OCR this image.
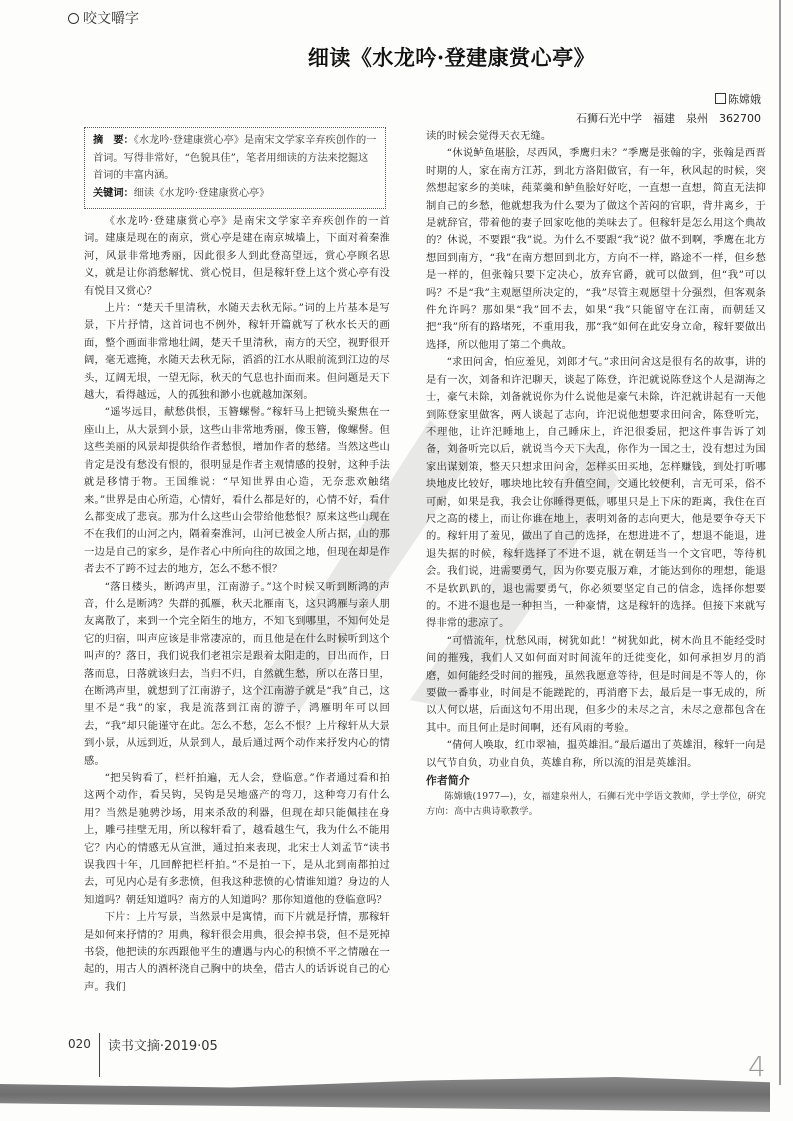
咬文嚼字
细读《水龙吟·登建康赏心亭》
陈嫦娥
石狮石光中学　福建　泉州　362700
摘　要：《水龙吟·登建康赏心亭》是南宋文学家辛弃疾创作的一首词。写得非常好，“色貌具佳”，笔者用细读的方法来挖掘这首词的丰富内涵。
关键词：细读《水龙吟·登建康赏心亭》

《水龙吟·登建康赏心亭》是南宋文学家辛弃疾创作的一首词。建康是现在的南京，赏心亭是建在南京城墙上，下面对着秦淮河，风景非常地秀丽，因此很多人到此登高望远，赏心亭顾名思义，就是让你消愁解忧、赏心悦目，但是稼轩登上这个赏心亭有没有悦目又赏心？

上片：“楚天千里清秋，水随天去秋无际。”词的上片基本是写景，下片抒情，这首词也不例外，稼轩开篇就写了秋水长天的画面，整个画面非常地壮阔，楚天千里清秋，南方的天空，视野很开阔，毫无遮掩，水随天去秋无际，滔滔的江水从眼前流到江边的尽头，辽阔无垠，一望无际，秋天的气息也扑面而来。但问题是天下越大，看得越远，人的孤独和渺小也就越加深刻。

“遥岑远目，献愁供恨，玉簪螺髻。”稼轩马上把镜头聚焦在一座山上，从大景到小景，这些山非常地秀丽，像玉簪，像螺髻。但这些美丽的风景却提供给作者愁恨，增加作者的愁绪。当然这些山肯定是没有愁没有恨的，很明显是作者主观情感的投射，这种手法就是移情于物。王国维说：“早知世界由心造，无奈悲欢触绪来。”世界是由心所造，心情好，看什么都是好的，心情不好，看什么都变成了悲哀。那为什么这些山会带给他愁恨？原来这些山现在不在我们的山河之内，隔着秦淮河，山河已被金人所占据，山的那一边是自己的家乡，是作者心中所向往的故国之地，但现在却是作者去不了跨不过去的地方，怎么不愁不恨？

“落日楼头，断鸿声里，江南游子。”这个时候又听到断鸿的声音，什么是断鸿？失群的孤雁，秋天北雁南飞，这只鸿雁与亲人朋友离散了，来到一个完全陌生的地方，不知飞到哪里，不知何处是它的归宿，叫声应该是非常凄凉的，而且他是在什么时候听到这个叫声的？落日，我们说我们老祖宗是跟着太阳走的，日出而作，日落而息，日落就该归去，当归不归，自然就生愁，所以在落日里，在断鸿声里，就想到了江南游子，这个江南游子就是“我”自己，这里不是“我”的家，我是流落到江南的游子，鸿雁明年可以回去，“我”却只能谨守在此。怎么不愁，怎么不恨？上片稼轩从大景到小景，从远到近，从景到人，最后通过两个动作来抒发内心的情感。

“把吴钩看了，栏杆拍遍，无人会，登临意。”作者通过看和拍这两个动作，看吴钩，吴钩是吴地盛产的弯刀，这种弯刀有什么用？当然是驰骋沙场，用来杀敌的利器，但现在却只能佩挂在身上，雕弓挂壁无用，所以稼轩看了，越看越生气，我为什么不能用它？内心的情感无从宣泄，通过拍来表现，北宋士人刘孟节“读书误我四十年，几回醉把栏杆拍。”不是拍一下，是从北到南都拍过去，可见内心是有多悲愤，但我这种悲愤的心情谁知道？身边的人知道吗？朝廷知道吗？南方的人知道吗？那你知道他的登临意吗？

下片：上片写景，当然景中是寓情，而下片就是抒情，那稼轩是如何来抒情的？用典，稼轩很会用典，很会掉书袋，但不是死掉书袋，他把读的东西跟他平生的遭遇与内心的积愤不平之情融在一起的，用古人的酒杯浇自己胸中的块垒，借古人的话诉说自己的心声。我们

读的时候会觉得天衣无缝。

“休说鲈鱼堪脍，尽西风，季鹰归未？”季鹰是张翰的字，张翰是西晋时期的人，家在南方江苏，到北方洛阳做官，有一年，秋风起的时候，突然想起家乡的美味，莼菜羹和鲈鱼脍好好吃，一直想一直想，简直无法抑制自己的乡愁，他就想我为什么要为了做这个苦闷的官职，背井离乡，于是就辞官，带着他的妻子回家吃他的美味去了。但稼轩是怎么用这个典故的？休说，不要跟“我”说。为什么不要跟“我”说？做不到啊，季鹰在北方想回到南方，“我”在南方想回到北方，方向不一样，路途不一样，但乡愁是一样的，但张翰只要下定决心，放弃官爵，就可以做到，但“我”可以吗？不是“我”主观愿望所决定的，“我”尽管主观愿望十分强烈，但客观条件允许吗？那如果“我”回不去，如果“我”只能留守在江南，而朝廷又把“我”所有的路堵死，不重用我，那“我”如何在此安身立命，稼轩要做出选择，所以他用了第二个典故。

“求田问舍，怕应羞见，刘郎才气。”求田问舍这是很有名的故事，讲的是有一次，刘备和许汜聊天，谈起了陈登，许汜就说陈登这个人是湖海之士，豪气未除，刘备就说你为什么说他是豪气未除，许汜就讲起有一天他到陈登家里做客，两人谈起了志向，许汜说他想要求田问舍，陈登听完，不理他，让许汜睡地上，自己睡床上，许汜很委屈，把这件事告诉了刘备，刘备听完以后，就说当今天下大乱，你作为一国之士，没有想过为国家出谋划策，整天只想求田问舍，怎样买田买地，怎样赚钱，到处打听哪块地皮比较好，哪块地比较有升值空间，交通比较便利，言无可采，俗不可耐，如果是我，我会让你睡得更低，哪里只是上下床的距离，我住在百尺之高的楼上，而让你谁在地上，表明刘备的志向更大，他是要争夺天下的。稼轩用了羞见，做出了自己的选择，在想进进不了，想退不能退，进退失据的时候，稼轩选择了不进不退，就在朝廷当一个文官吧，等待机会。我们说，进需要勇气，因为你要克服万难，才能达到你的理想，能退不是软趴趴的，退也需要勇气，你必须要坚定自己的信念，选择你想要的。不进不退也是一种担当，一种豪情，这是稼轩的选择。但接下来就写得非常的悲凉了。

“可惜流年，忧愁风雨，树犹如此！”树犹如此，树木尚且不能经受时间的摧残，我们人又如何面对时间流年的迁徙变化，如何承担岁月的消磨，如何能经受时间的摧残，虽然我愿意等待，但是时间是不等人的，你要做一番事业，时间是不能蹉跎的，再消磨下去，最后是一事无成的，所以人何以堪，后面这句不用出现，但多少的未尽之言，未尽之意都包含在其中。而且何止是时间啊，还有风雨的考验。

“倩何人唤取，红巾翠袖，揾英雄泪。”最后逼出了英雄泪，稼轩一向是以气节自负，功业自负，英雄自称，所以流的泪是英雄泪。

作者简介

陈嫦娥(1977—)，女，福建泉州人，石狮石光中学语文教师，学士学位，研究方向：高中古典诗歌教学。

020	读书文摘·2019·05
4
